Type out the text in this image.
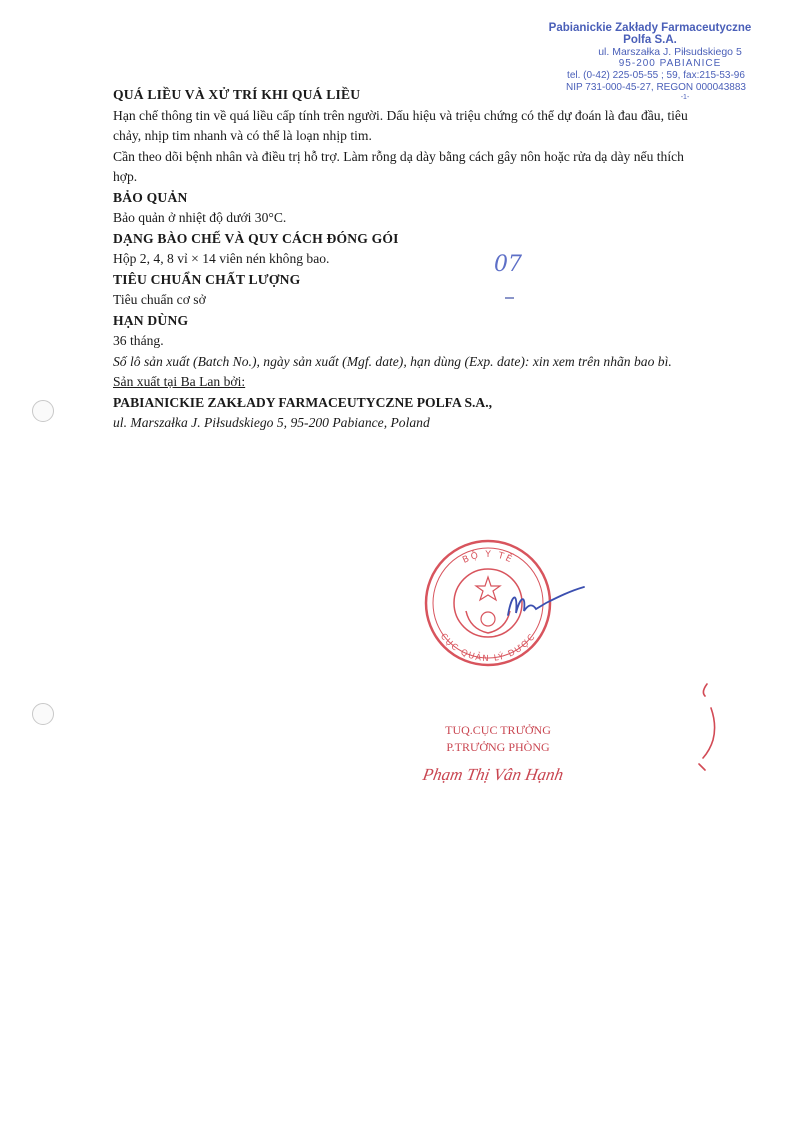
Pabianickie Zakłady Farmaceutyczne
Polfa S.A.
ul. Marszałka J. Piłsudskiego 5
95-200 PABIANICE
tel. (0-42) 225-05-55 ; 59, fax:215-53-96
NIP 731-000-45-27, REGON 000043883
-1-

QUÁ LIỀU VÀ XỬ TRÍ KHI QUÁ LIỀU

Hạn chế thông tin về quá liều cấp tính trên người. Dấu hiệu và triệu chứng có thể dự đoán là đau đầu, tiêu chảy, nhịp tim nhanh và có thể là loạn nhịp tim.

Cần theo dõi bệnh nhân và điều trị hỗ trợ. Làm rỗng dạ dày bằng cách gây nôn hoặc rửa dạ dày nếu thích hợp.

BẢO QUẢN

Bảo quản ở nhiệt độ dưới 30°C.

DẠNG BÀO CHẾ VÀ QUY CÁCH ĐÓNG GÓI

Hộp 2, 4, 8 vỉ × 14 viên nén không bao.

TIÊU CHUẨN CHẤT LƯỢNG

Tiêu chuẩn cơ sở

HẠN DÙNG

36 tháng.

Số lô sản xuất (Batch No.), ngày sản xuất (Mgf. date), hạn dùng (Exp. date): xin xem trên nhãn bao bì.

Sản xuất tại Ba Lan bởi:

PABIANICKIE ZAKŁADY FARMACEUTYCZNE POLFA S.A.,

ul. Marszałka J. Piłsudskiego 5, 95-200 Pabiance, Poland

07
BỘ Y TẾ
CỤC QUẢN LÝ DƯỢC
TUQ.CỤC TRƯỞNG
P.TRƯỞNG PHÒNG
Phạm Thị Vân Hạnh
